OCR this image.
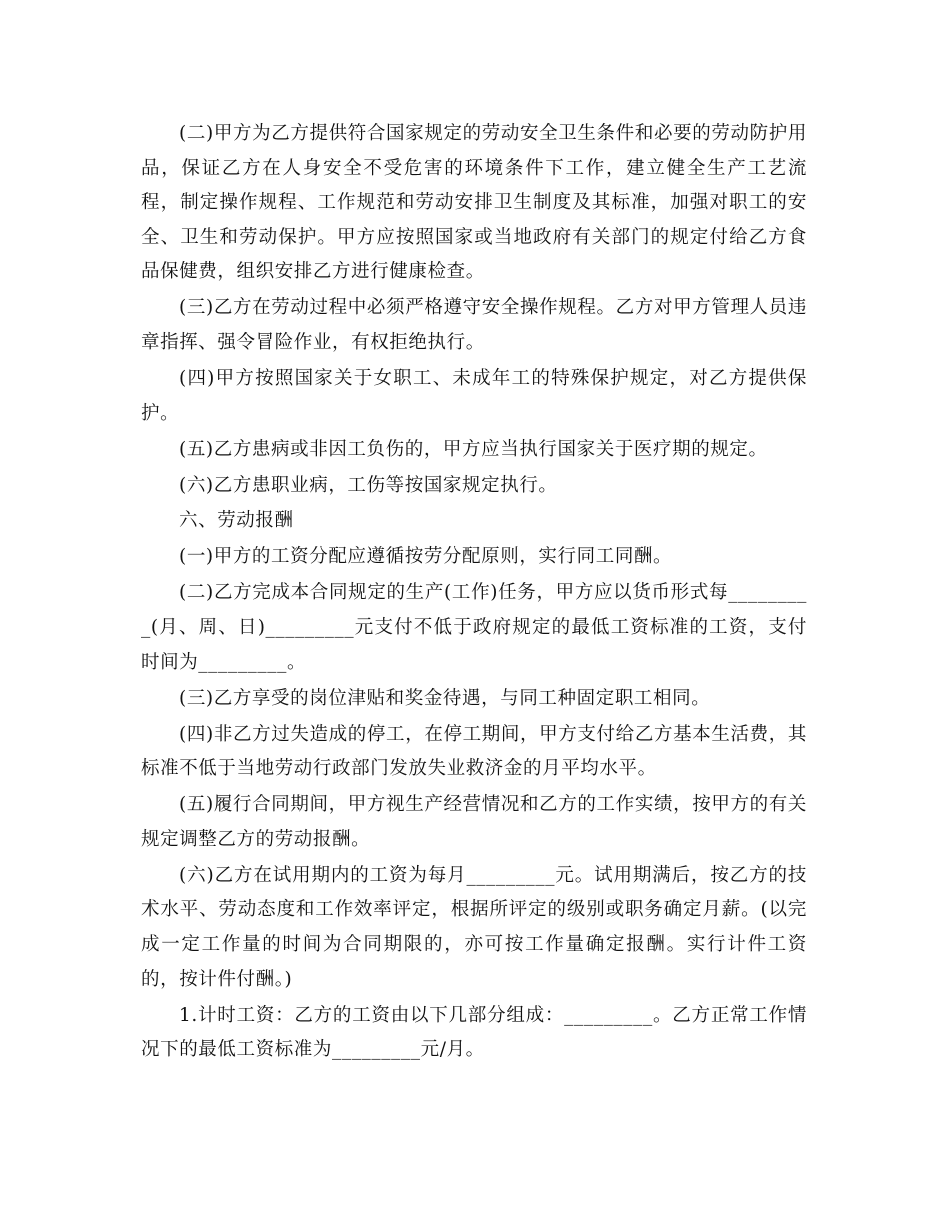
(二)甲方为乙方提供符合国家规定的劳动安全卫生条件和必要的劳动防护用品，保证乙方在人身安全不受危害的环境条件下工作，建立健全生产工艺流程，制定操作规程、工作规范和劳动安排卫生制度及其标准，加强对职工的安全、卫生和劳动保护。甲方应按照国家或当地政府有关部门的规定付给乙方食品保健费，组织安排乙方进行健康检查。

(三)乙方在劳动过程中必须严格遵守安全操作规程。乙方对甲方管理人员违章指挥、强令冒险作业，有权拒绝执行。

(四)甲方按照国家关于女职工、未成年工的特殊保护规定，对乙方提供保护。

(五)乙方患病或非因工负伤的，甲方应当执行国家关于医疗期的规定。

(六)乙方患职业病，工伤等按国家规定执行。

六、劳动报酬

(一)甲方的工资分配应遵循按劳分配原则，实行同工同酬。

(二)乙方完成本合同规定的生产(工作)任务，甲方应以货币形式每_________(月、周、日)_________元支付不低于政府规定的最低工资标准的工资，支付时间为_________。

(三)乙方享受的岗位津贴和奖金待遇，与同工种固定职工相同。

(四)非乙方过失造成的停工，在停工期间，甲方支付给乙方基本生活费，其标准不低于当地劳动行政部门发放失业救济金的月平均水平。

(五)履行合同期间，甲方视生产经营情况和乙方的工作实绩，按甲方的有关规定调整乙方的劳动报酬。

(六)乙方在试用期内的工资为每月_________元。试用期满后，按乙方的技术水平、劳动态度和工作效率评定，根据所评定的级别或职务确定月薪。(以完成一定工作量的时间为合同期限的，亦可按工作量确定报酬。实行计件工资的，按计件付酬。)

1.计时工资：乙方的工资由以下几部分组成：_________。乙方正常工作情况下的最低工资标准为_________元/月。
